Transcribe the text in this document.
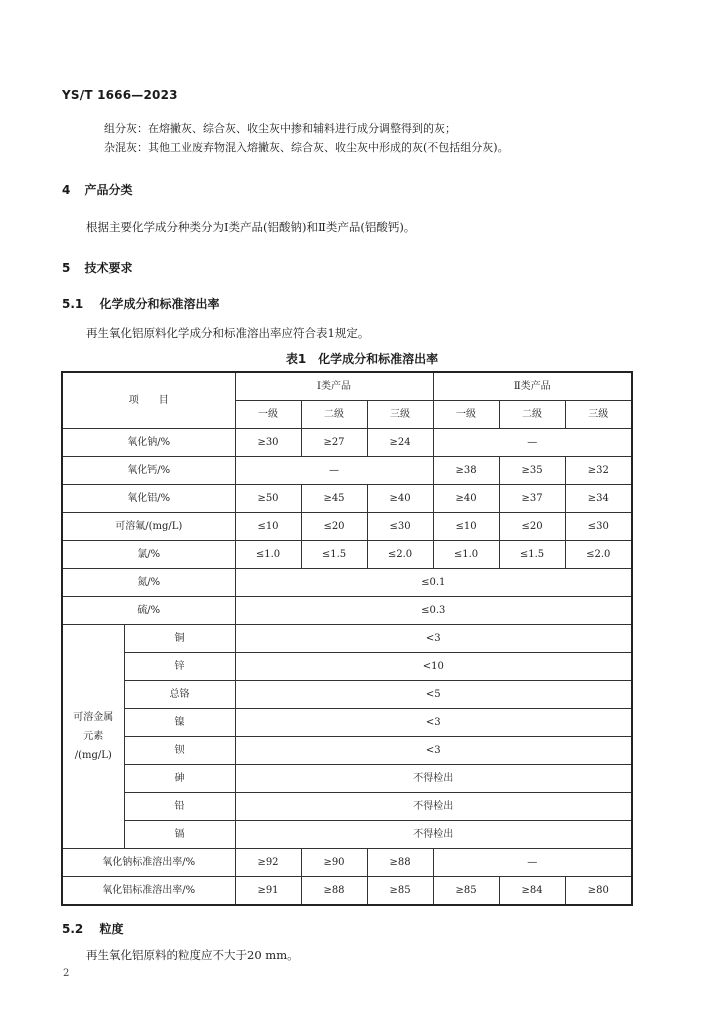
YS/T 1666—2023
组分灰：在熔撇灰、综合灰、收尘灰中掺和辅料进行成分调整得到的灰；
杂混灰：其他工业废弃物混入熔撇灰、综合灰、收尘灰中形成的灰(不包括组分灰)。
4 产品分类
根据主要化学成分种类分为Ⅰ类产品(铝酸钠)和Ⅱ类产品(铝酸钙)。
5 技术要求
5.1 化学成分和标准溶出率
再生氧化铝原料化学成分和标准溶出率应符合表1规定。
表1　化学成分和标准溶出率
项　　目		Ⅰ类产品			Ⅱ类产品		
		一级	二级	三级	一级	二级	三级
氧化钠/%		≥30	≥27	≥24	—		
氧化钙/%		—			≥38	≥35	≥32
氧化铝/%		≥50	≥45	≥40	≥40	≥37	≥34
可溶氟/(mg/L)		≤10	≤20	≤30	≤10	≤20	≤30
氯/%		≤1.0	≤1.5	≤2.0	≤1.0	≤1.5	≤2.0
氮/%		≤0.1					
硫/%		≤0.3					
可溶金属
元素
/(mg/L)	铜	<3					
	锌	<10					
	总铬	<5					
	镍	<3					
	钡	<3					
	砷	不得检出					
	铅	不得检出					
	镉	不得检出					
氧化钠标准溶出率/%		≥92	≥90	≥88	—		
氧化铝标准溶出率/%		≥91	≥88	≥85	≥85	≥84	≥80
5.2 粒度
再生氧化铝原料的粒度应不大于20 mm。
2
